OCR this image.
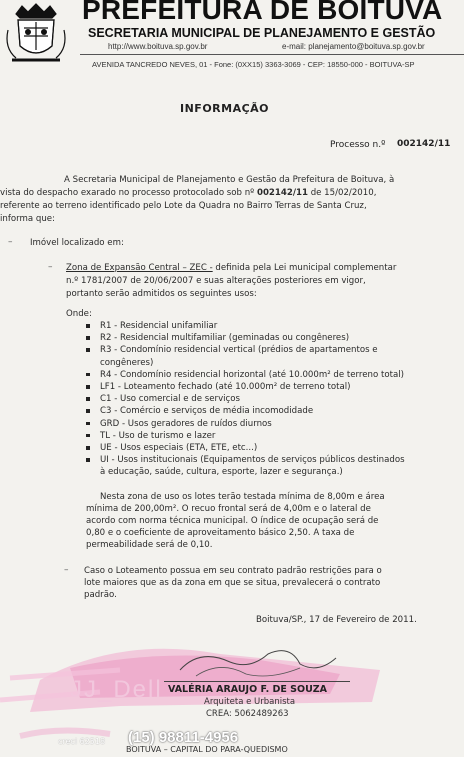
PREFEITURA DE BOITUVA
SECRETARIA MUNICIPAL DE PLANEJAMENTO E GESTÃO
http://www.boituva.sp.gov.br	e-mail: planejamento@boituva.sp.gov.br
AVENIDA TANCREDO NEVES, 01 - Fone: (0XX15) 3363-3069 - CEP: 18550-000 - BOITUVA-SP
INFORMAÇÃO
Processo n.º 002142/11
A Secretaria Municipal de Planejamento e Gestão da Prefeitura de Boituva, à
vista do despacho exarado no processo protocolado sob nº 002142/11 de 15/02/2010,
referente ao terreno identificado pelo Lote da Quadra no Bairro Terras de Santa Cruz,
informa que:
– Imóvel localizado em:
– Zona de Expansão Central – ZEC - definida pela Lei municipal complementar
n.º 1781/2007 de 20/06/2007 e suas alterações posteriores em vigor,
portanto serão admitidos os seguintes usos:
Onde:
R1 - Residencial unifamiliar
R2 - Residencial multifamiliar (geminadas ou congêneres)
R3 - Condomínio residencial vertical (prédios de apartamentos e
congêneres)
R4 - Condomínio residencial horizontal (até 10.000m² de terreno total)
LF1 - Loteamento fechado (até 10.000m² de terreno total)
C1 - Uso comercial e de serviços
C3 - Comércio e serviços de média incomodidade
GRD - Usos geradores de ruídos diurnos
TL - Uso de turismo e lazer
UE - Usos especiais (ETA, ETE, etc...)
UI - Usos institucionais (Equipamentos de serviços públicos destinados
à educação, saúde, cultura, esporte, lazer e segurança.)
Nesta zona de uso os lotes terão testada mínima de 8,00m e área
mínima de 200,00m². O recuo frontal será de 4,00m e o lateral de
acordo com norma técnica municipal. O índice de ocupação será de
0,80 e o coeficiente de aproveitamento básico 2,50. A taxa de
permeabilidade será de 0,10.
– Caso o Loteamento possua em seu contrato padrão restrições para o
lote maiores que as da zona em que se situa, prevalecerá o contrato
padrão.
Boituva/SP., 17 de Fevereiro de 2011.
JJ_Dell VALÉRIA ARAUJO F. DE SOUZA
Arquiteta e Urbanista
CREA: 5062489263
creci 62518 (15) 98811-4956
BOITUVA – CAPITAL DO PARA-QUEDISMO
